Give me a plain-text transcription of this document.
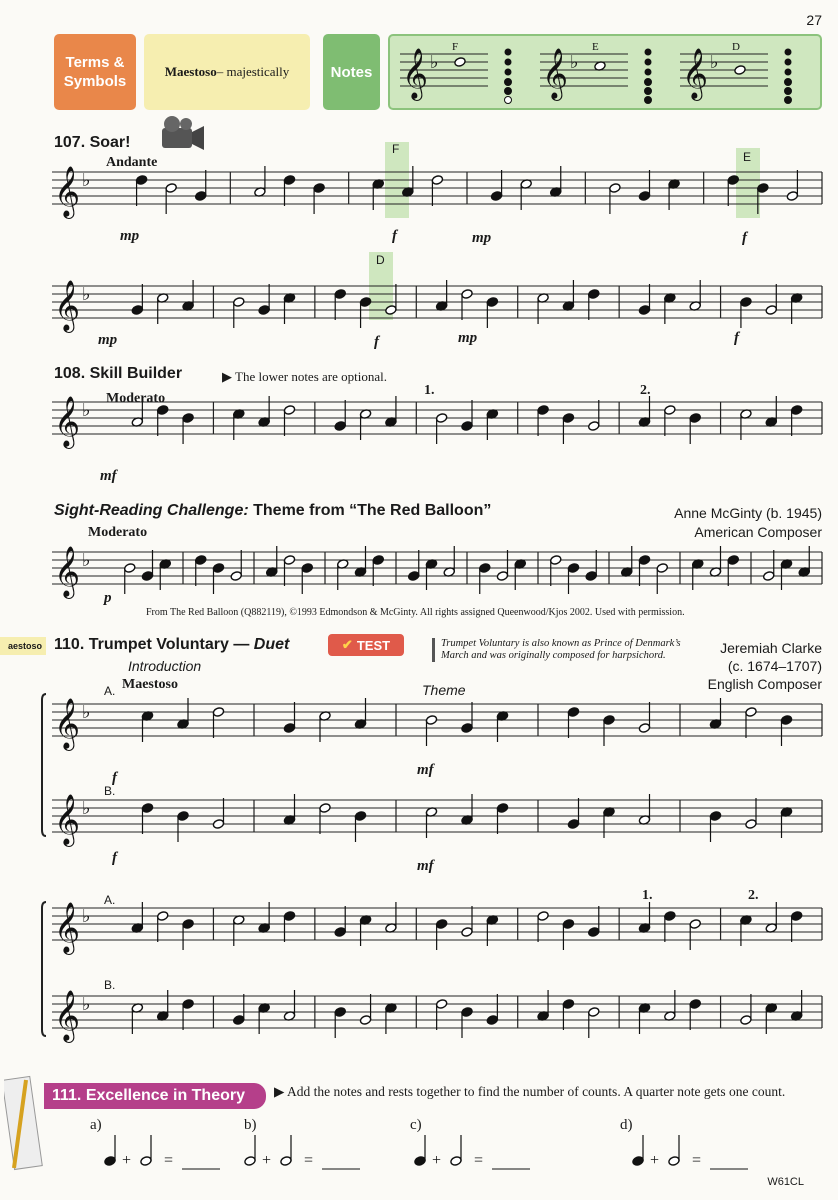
27
Terms & Symbols
Maestoso – majestically	Notes 𝄞 ♭
F
𝄞 ♭
E
𝄞 ♭
D
107. Soar!
Andante
F
E
D
𝄞 ♭
𝄞 ♭
mp	f	mp	f
mp	f	mp	f
108. Skill Builder	▶ The lower notes are optional.
Moderato
1.	2.
𝄞 ♭
mf
Sight-Reading Challenge: Theme from “The Red Balloon”	Anne McGinty (b. 1945)
American Composer
Moderato
𝄞 ♭
p
From The Red Balloon (Q882119), ©1993 Edmondson & McGinty. All rights assigned Queenwood/Kjos 2002. Used with permission.
aestoso 110. Trumpet Voluntary — Duet	✔ TEST	Trumpet Voluntary is also known as Prince of Denmark’s March and was originally composed for harpsichord.	Jeremiah Clarke
(c. 1674–1707)
English Composer
Introduction
Maestoso	Theme
A.
B.
A.
B.
1.	2.
𝄞 ♭
𝄞 ♭
𝄞 ♭
𝄞 ♭
f	mf
f	mf
111. Excellence in Theory	▶ Add the notes and rests together to find the number of counts. A quarter note gets one count.
a)	b)	c)	d)
+ =	+ =	+ =	+ =
W61CL
